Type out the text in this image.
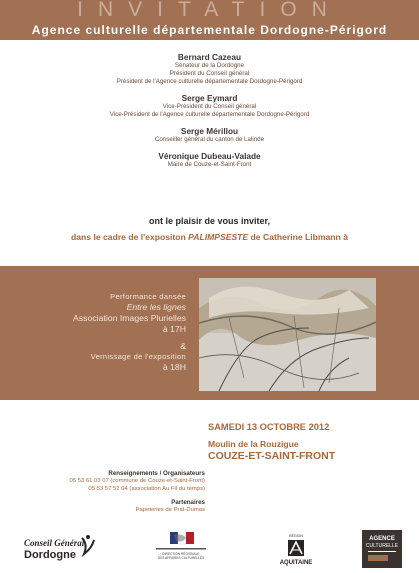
INVITATION
Agence culturelle départementale Dordogne-Périgord
Bernard Cazeau
Sénateur de la Dordogne
Président du Conseil général
Président de l'Agence culturelle départementale Dordogne-Périgord
Serge Eymard
Vice-Président du Conseil général
Vice-Président de l'Agence culturelle départementale Dordogne-Périgord
Serge Mérillou
Conseiller général du canton de Lalinde
Véronique Dubeau-Valade
Maire de Couze-et-Saint-Front
ont le plaisir de vous inviter,
dans le cadre de l'expositon PALIMPSESTE de Catherine Libmann à
Performance dansée
Entre les lignes
Association Images Plurielles
à 17H
&
Vernissage de l'exposition
à 18H
SAMEDI 13 OCTOBRE 2012
Moulin de la Rouzigue
COUZE-ET-SAINT-FRONT
Renseignements / Organisateurs
05 53 61 03 07 (commune de Couze-et-Saint-Front)
05 53 57 52 64 (association Au Fil du temps)
Partenaires
Papeteries de Prat-Dumas
Conseil Général
Dordogne	DIRECTION RÉGIONALE
DES AFFAIRES CULTURELLES
RÉGION
AQUITAINE
AGENCE
CULTURELLE
